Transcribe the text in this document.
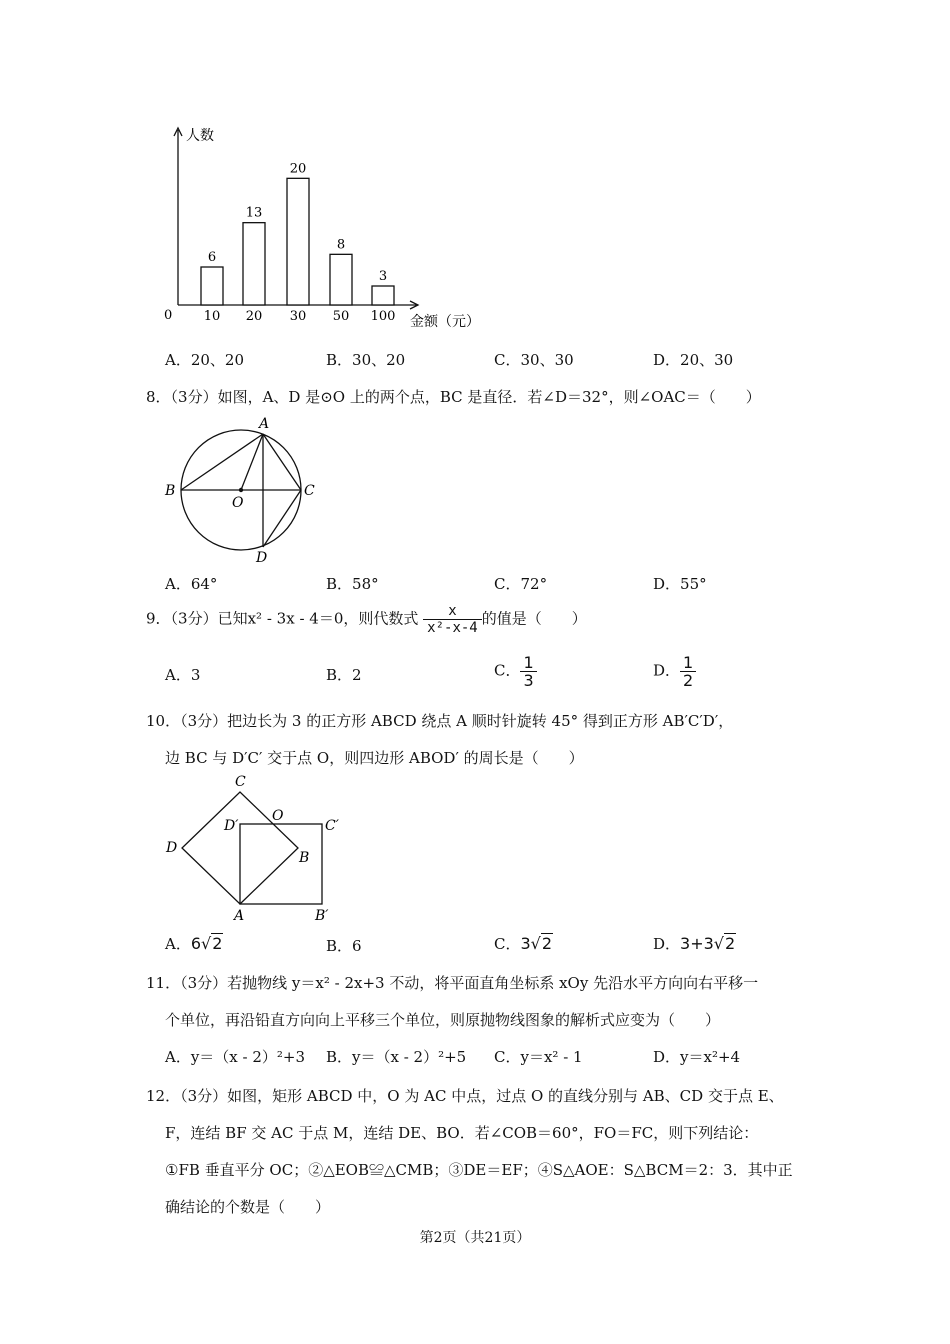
人数
金额（元）
0
6
10
13
20
20
30
8
50
3
100
A．20、20	B．30、20	C．30、30	D．20、30
8．（3分）如图，A、D 是⊙O 上的两个点，BC 是直径．若∠D＝32°，则∠OAC＝（　　）
A
B	C
O
D
A．64°	B．58°	C．72°	D．55°
9．（3分）已知x² - 3x - 4＝0，则代数式 $\frac{x}{\text{x²-x-4}}$ 的值是（　　）
A．3	B．2	C． $\frac{1}{3}$	D． $\frac{1}{2}$
10．（3分）把边长为 3 的正方形 ABCD 绕点 A 顺时针旋转 45° 得到正方形 AB′C′D′，
边 BC 与 D′C′ 交于点 O，则四边形 ABOD′ 的周长是（　　）
C
O
D′	C′
D
B
A	B′
A．6√2	B．6	C．3√2	D．3+3√2
11．（3分）若抛物线 y＝x² - 2x+3 不动，将平面直角坐标系 xOy 先沿水平方向向右平移一
个单位，再沿铅直方向向上平移三个单位，则原抛物线图象的解析式应变为（　　）
A．y＝（x - 2）²+3 B．y＝（x - 2）²+5 C．y＝x² - 1	D．y＝x²+4
12．（3分）如图，矩形 ABCD 中，O 为 AC 中点，过点 O 的直线分别与 AB、CD 交于点 E、
F，连结 BF 交 AC 于点 M，连结 DE、BO．若∠COB＝60°，FO＝FC，则下列结论：
①FB 垂直平分 OC；②△EOB≌△CMB；③DE＝EF；④S△AOE：S△BCM＝2：3．其中正
确结论的个数是（　　）
第2页（共21页）
